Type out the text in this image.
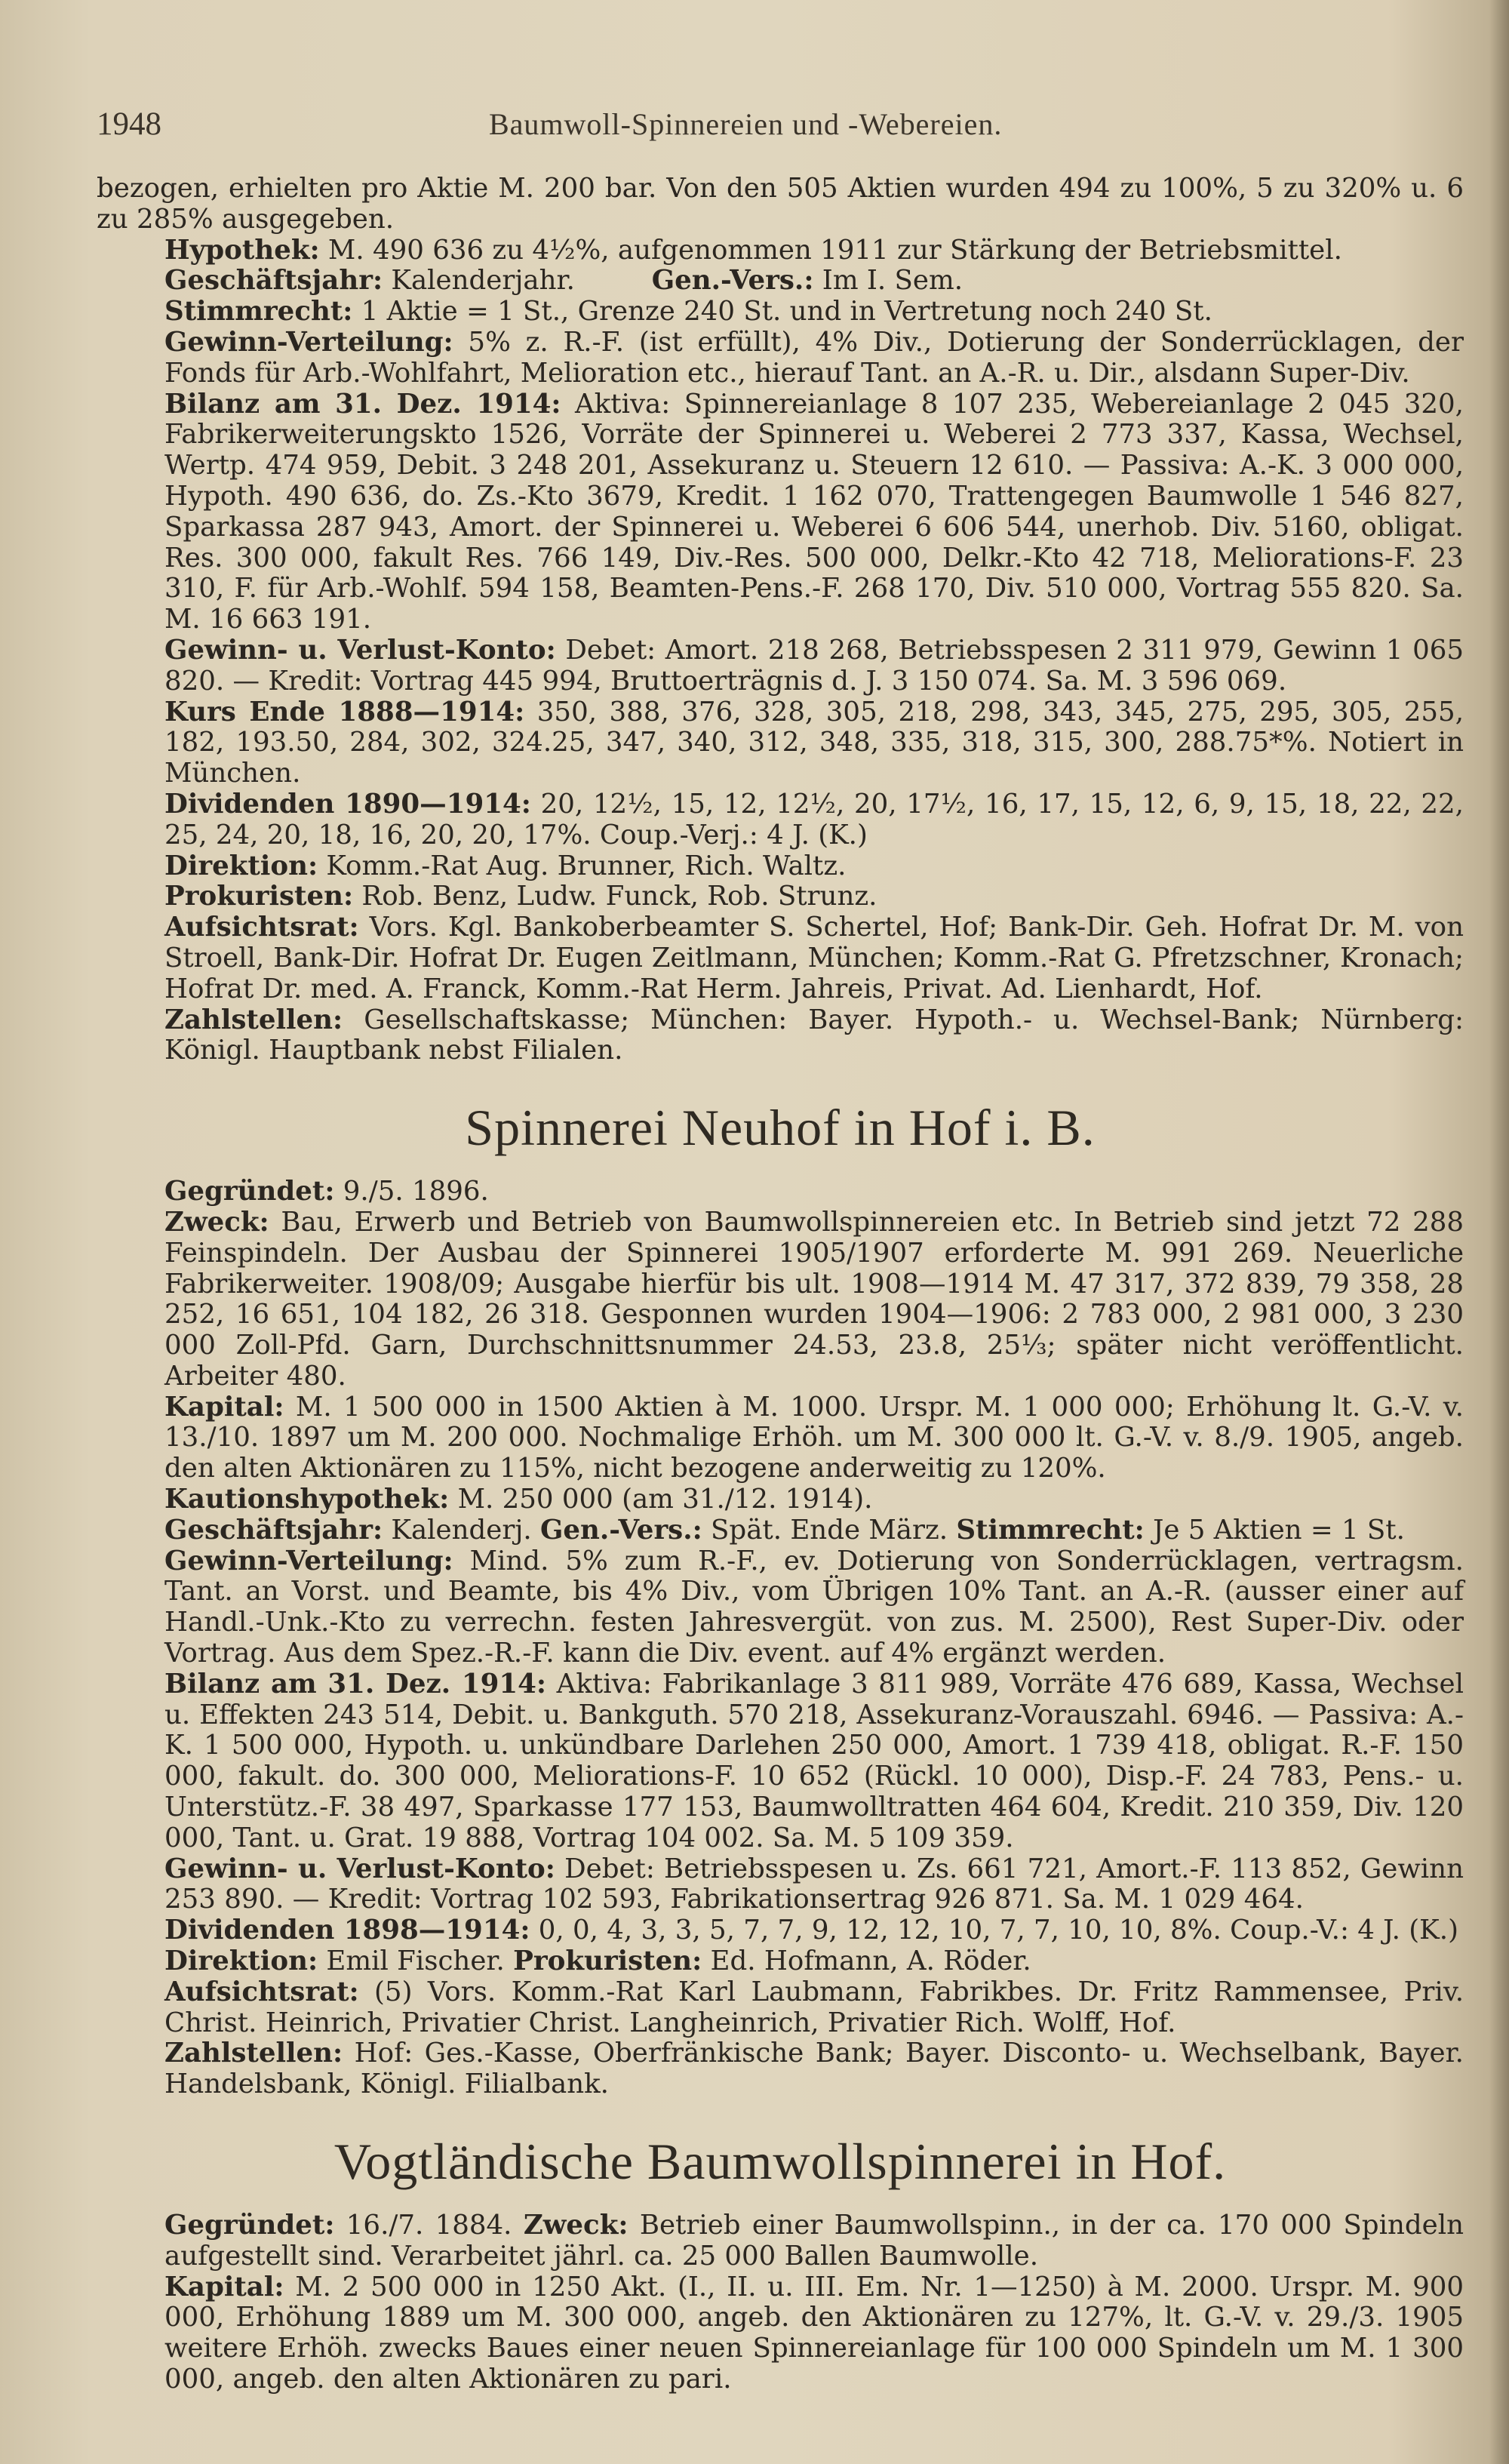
1948	Baumwoll-Spinnereien und -Webereien.

bezogen, erhielten pro Aktie M. 200 bar. Von den 505 Aktien wurden 494 zu 100%, 5 zu 320% u. 6 zu 285% ausgegeben.

Hypothek: M. 490 636 zu 4½%, aufgenommen 1911 zur Stärkung der Betriebsmittel.

Geschäftsjahr: Kalenderjahr.	Gen.-Vers.: Im I. Sem.

Stimmrecht: 1 Aktie = 1 St., Grenze 240 St. und in Vertretung noch 240 St.

Gewinn-Verteilung: 5% z. R.-F. (ist erfüllt), 4% Div., Dotierung der Sonderrücklagen, der Fonds für Arb.-Wohlfahrt, Melioration etc., hierauf Tant. an A.-R. u. Dir., alsdann Super-Div.

Bilanz am 31. Dez. 1914: Aktiva: Spinnereianlage 8 107 235, Webereianlage 2 045 320, Fabrikerweiterungskto 1526, Vorräte der Spinnerei u. Weberei 2 773 337, Kassa, Wechsel, Wertp. 474 959, Debit. 3 248 201, Assekuranz u. Steuern 12 610. — Passiva: A.-K. 3 000 000, Hypoth. 490 636, do. Zs.-Kto 3679, Kredit. 1 162 070, Trattengegen Baumwolle 1 546 827, Sparkassa 287 943, Amort. der Spinnerei u. Weberei 6 606 544, unerhob. Div. 5160, obligat. Res. 300 000, fakult Res. 766 149, Div.-Res. 500 000, Delkr.-Kto 42 718, Meliorations-F. 23 310, F. für Arb.-Wohlf. 594 158, Beamten-Pens.-F. 268 170, Div. 510 000, Vortrag 555 820. Sa. M. 16 663 191.

Gewinn- u. Verlust-Konto: Debet: Amort. 218 268, Betriebsspesen 2 311 979, Gewinn 1 065 820. — Kredit: Vortrag 445 994, Bruttoerträgnis d. J. 3 150 074. Sa. M. 3 596 069.

Kurs Ende 1888—1914: 350, 388, 376, 328, 305, 218, 298, 343, 345, 275, 295, 305, 255, 182, 193.50, 284, 302, 324.25, 347, 340, 312, 348, 335, 318, 315, 300, 288.75*%. Notiert in München.

Dividenden 1890—1914: 20, 12½, 15, 12, 12½, 20, 17½, 16, 17, 15, 12, 6, 9, 15, 18, 22, 22, 25, 24, 20, 18, 16, 20, 20, 17%. Coup.-Verj.: 4 J. (K.)

Direktion: Komm.-Rat Aug. Brunner, Rich. Waltz.

Prokuristen: Rob. Benz, Ludw. Funck, Rob. Strunz.

Aufsichtsrat: Vors. Kgl. Bankoberbeamter S. Schertel, Hof; Bank-Dir. Geh. Hofrat Dr. M. von Stroell, Bank-Dir. Hofrat Dr. Eugen Zeitlmann, München; Komm.-Rat G. Pfretzschner, Kronach; Hofrat Dr. med. A. Franck, Komm.-Rat Herm. Jahreis, Privat. Ad. Lienhardt, Hof.

Zahlstellen: Gesellschaftskasse; München: Bayer. Hypoth.- u. Wechsel-Bank; Nürnberg: Königl. Hauptbank nebst Filialen.

Spinnerei Neuhof in Hof i. B.

Gegründet: 9./5. 1896.

Zweck: Bau, Erwerb und Betrieb von Baumwollspinnereien etc. In Betrieb sind jetzt 72 288 Feinspindeln. Der Ausbau der Spinnerei 1905/1907 erforderte M. 991 269. Neuerliche Fabrikerweiter. 1908/09; Ausgabe hierfür bis ult. 1908—1914 M. 47 317, 372 839, 79 358, 28 252, 16 651, 104 182, 26 318. Gesponnen wurden 1904—1906: 2 783 000, 2 981 000, 3 230 000 Zoll-Pfd. Garn, Durchschnittsnummer 24.53, 23.8, 25⅓; später nicht veröffentlicht. Arbeiter 480.

Kapital: M. 1 500 000 in 1500 Aktien à M. 1000. Urspr. M. 1 000 000; Erhöhung lt. G.-V. v. 13./10. 1897 um M. 200 000. Nochmalige Erhöh. um M. 300 000 lt. G.-V. v. 8./9. 1905, angeb. den alten Aktionären zu 115%, nicht bezogene anderweitig zu 120%.

Kautionshypothek: M. 250 000 (am 31./12. 1914).

Geschäftsjahr: Kalenderj. Gen.-Vers.: Spät. Ende März. Stimmrecht: Je 5 Aktien = 1 St.

Gewinn-Verteilung: Mind. 5% zum R.-F., ev. Dotierung von Sonderrücklagen, vertragsm. Tant. an Vorst. und Beamte, bis 4% Div., vom Übrigen 10% Tant. an A.-R. (ausser einer auf Handl.-Unk.-Kto zu verrechn. festen Jahresvergüt. von zus. M. 2500), Rest Super-Div. oder Vortrag. Aus dem Spez.-R.-F. kann die Div. event. auf 4% ergänzt werden.

Bilanz am 31. Dez. 1914: Aktiva: Fabrikanlage 3 811 989, Vorräte 476 689, Kassa, Wechsel u. Effekten 243 514, Debit. u. Bankguth. 570 218, Assekuranz-Vorauszahl. 6946. — Passiva: A.-K. 1 500 000, Hypoth. u. unkündbare Darlehen 250 000, Amort. 1 739 418, obligat. R.-F. 150 000, fakult. do. 300 000, Meliorations-F. 10 652 (Rückl. 10 000), Disp.-F. 24 783, Pens.- u. Unterstütz.-F. 38 497, Sparkasse 177 153, Baumwolltratten 464 604, Kredit. 210 359, Div. 120 000, Tant. u. Grat. 19 888, Vortrag 104 002. Sa. M. 5 109 359.

Gewinn- u. Verlust-Konto: Debet: Betriebsspesen u. Zs. 661 721, Amort.-F. 113 852, Gewinn 253 890. — Kredit: Vortrag 102 593, Fabrikationsertrag 926 871. Sa. M. 1 029 464.

Dividenden 1898—1914: 0, 0, 4, 3, 3, 5, 7, 7, 9, 12, 12, 10, 7, 7, 10, 10, 8%. Coup.-V.: 4 J. (K.)

Direktion: Emil Fischer. Prokuristen: Ed. Hofmann, A. Röder.

Aufsichtsrat: (5) Vors. Komm.-Rat Karl Laubmann, Fabrikbes. Dr. Fritz Rammensee, Priv. Christ. Heinrich, Privatier Christ. Langheinrich, Privatier Rich. Wolff, Hof.

Zahlstellen: Hof: Ges.-Kasse, Oberfränkische Bank; Bayer. Disconto- u. Wechselbank, Bayer. Handelsbank, Königl. Filialbank.

Vogtländische Baumwollspinnerei in Hof.

Gegründet: 16./7. 1884. Zweck: Betrieb einer Baumwollspinn., in der ca. 170 000 Spindeln aufgestellt sind. Verarbeitet jährl. ca. 25 000 Ballen Baumwolle.

Kapital: M. 2 500 000 in 1250 Akt. (I., II. u. III. Em. Nr. 1—1250) à M. 2000. Urspr. M. 900 000, Erhöhung 1889 um M. 300 000, angeb. den Aktionären zu 127%, lt. G.-V. v. 29./3. 1905 weitere Erhöh. zwecks Baues einer neuen Spinnereianlage für 100 000 Spindeln um M. 1 300 000, angeb. den alten Aktionären zu pari.
